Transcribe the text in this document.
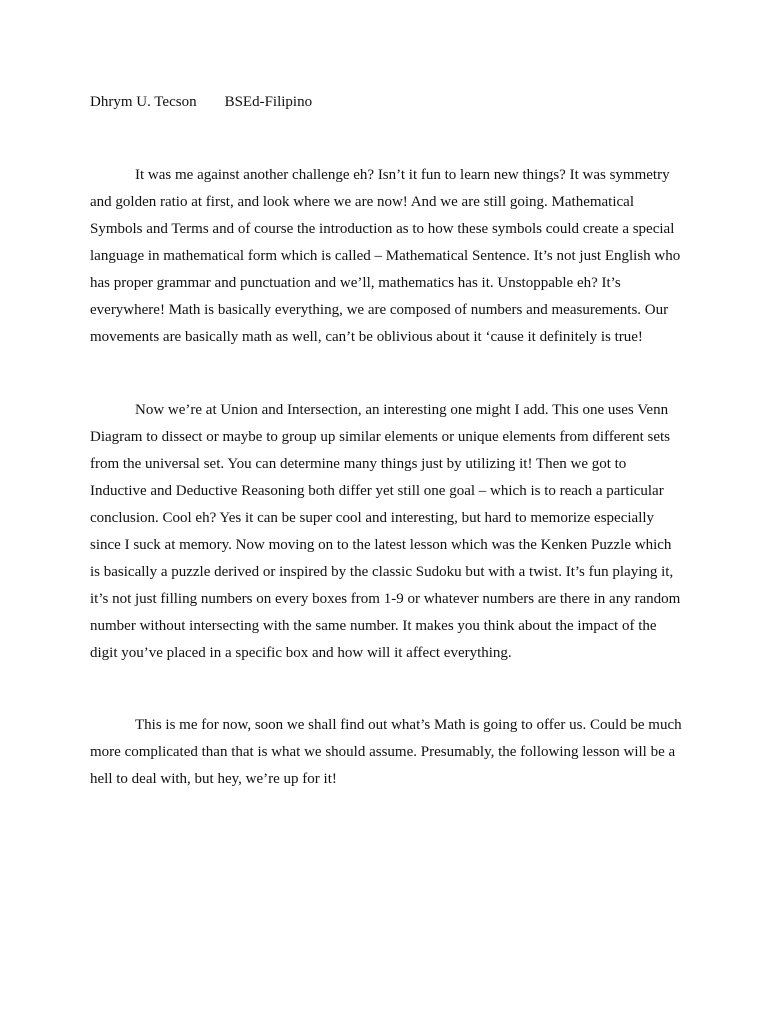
Dhrym U. Tecson BSEd-Filipino

It was me against another challenge eh? Isn’t it fun to learn new things? It was symmetry and golden ratio at first, and look where we are now! And we are still going. Mathematical Symbols and Terms and of course the introduction as to how these symbols could create a special language in mathematical form which is called – Mathematical Sentence. It’s not just English who has proper grammar and punctuation and we’ll, mathematics has it. Unstoppable eh? It’s everywhere! Math is basically everything, we are composed of numbers and measurements. Our movements are basically math as well, can’t be oblivious about it ‘cause it definitely is true!

Now we’re at Union and Intersection, an interesting one might I add. This one uses Venn Diagram to dissect or maybe to group up similar elements or unique elements from different sets from the universal set. You can determine many things just by utilizing it! Then we got to Inductive and Deductive Reasoning both differ yet still one goal – which is to reach a particular conclusion. Cool eh? Yes it can be super cool and interesting, but hard to memorize especially since I suck at memory. Now moving on to the latest lesson which was the Kenken Puzzle which is basically a puzzle derived or inspired by the classic Sudoku but with a twist. It’s fun playing it, it’s not just filling numbers on every boxes from 1-9 or whatever numbers are there in any random number without intersecting with the same number. It makes you think about the impact of the digit you’ve placed in a specific box and how will it affect everything.

This is me for now, soon we shall find out what’s Math is going to offer us. Could be much more complicated than that is what we should assume. Presumably, the following lesson will be a hell to deal with, but hey, we’re up for it!
